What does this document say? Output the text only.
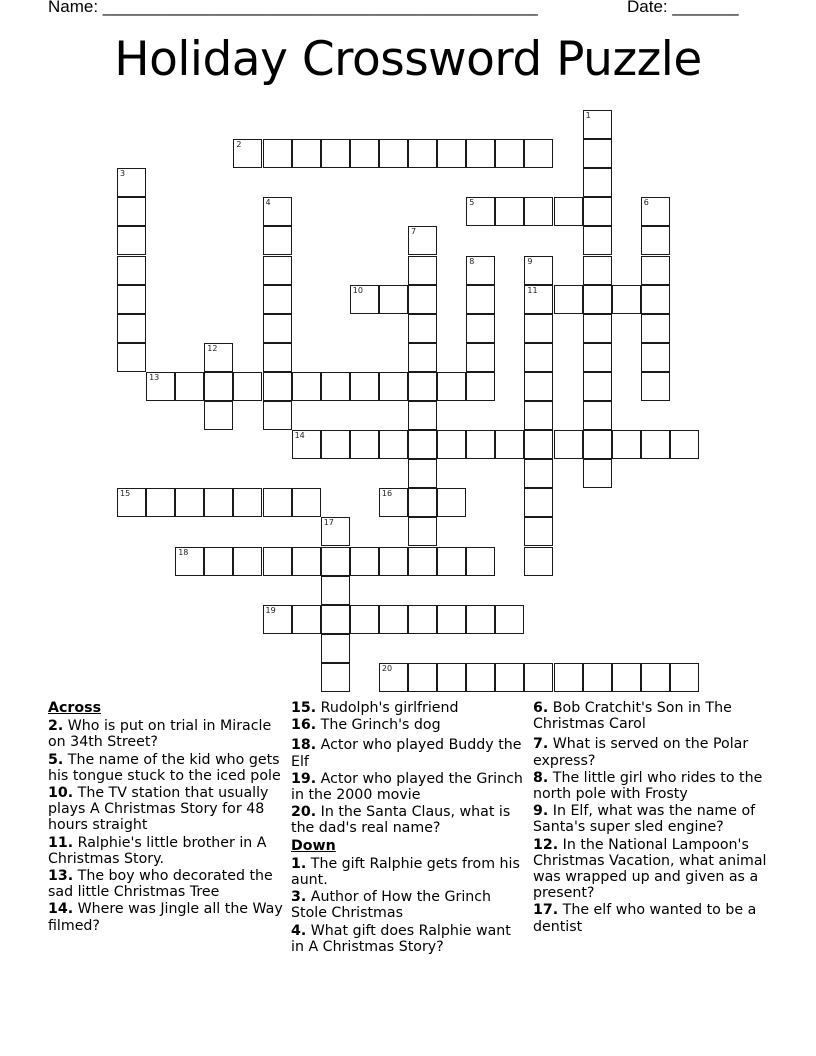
Name: ______________________________________________	Date: _______
Holiday Crossword Puzzle
1
2
3
4	5	6
7
8	9
11
10
12
13
14
15	16
17
18
19
20
Across
2. Who is put on trial in Miracle on 34th Street?
5. The name of the kid who gets his tongue stuck to the iced pole
10. The TV station that usually plays A Christmas Story for 48 hours straight
11. Ralphie's little brother in A Christmas Story.
13. The boy who decorated the sad little Christmas Tree
14. Where was Jingle all the Way filmed?
15. Rudolph's girlfriend
16. The Grinch's dog
18. Actor who played Buddy the Elf
19. Actor who played the Grinch in the 2000 movie
20. In the Santa Claus, what is the dad's real name?
Down
1. The gift Ralphie gets from his aunt.
3. Author of How the Grinch Stole Christmas
4. What gift does Ralphie want in A Christmas Story?
6. Bob Cratchit's Son in The Christmas Carol
7. What is served on the Polar express?
8. The little girl who rides to the north pole with Frosty
9. In Elf, what was the name of Santa's super sled engine?
12. In the National Lampoon's Christmas Vacation, what animal was wrapped up and given as a present?
17. The elf who wanted to be a dentist
